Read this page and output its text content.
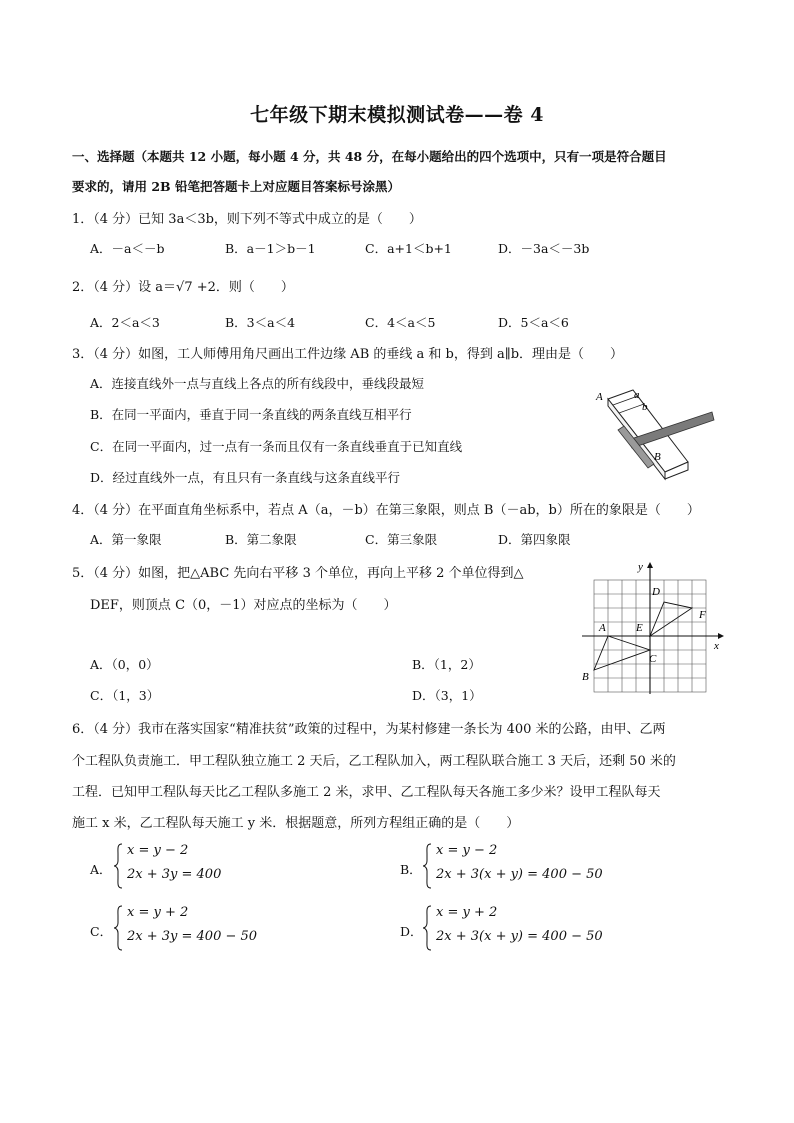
七年级下期末模拟测试卷——卷 4
一、选择题（本题共 12 小题，每小题 4 分，共 48 分，在每小题给出的四个选项中，只有一项是符合题目
要求的，请用 2B 铅笔把答题卡上对应题目答案标号涂黑）
1．（4 分）已知 3a＜3b，则下列不等式中成立的是（　　）
A．－a＜－b	B．a－1＞b－1	C．a+1＜b+1	D．－3a＜－3b
2．（4 分）设 a＝√7 +2．则（　　）
A．2＜a＜3	B．3＜a＜4	C．4＜a＜5	D．5＜a＜6
3．（4 分）如图，工人师傅用角尺画出工件边缘 AB 的垂线 a 和 b，得到 a∥b．理由是（　　）
A．连接直线外一点与直线上各点的所有线段中，垂线段最短
B．在同一平面内，垂直于同一条直线的两条直线互相平行
C．在同一平面内，过一点有一条而且仅有一条直线垂直于已知直线
D．经过直线外一点，有且只有一条直线与这条直线平行
A	a
b
B
4．（4 分）在平面直角坐标系中，若点 A（a，－b）在第三象限，则点 B（－ab，b）所在的象限是（　　）
A．第一象限	B．第二象限	C．第三象限	D．第四象限
5．（4 分）如图，把△ABC 先向右平移 3 个单位，再向上平移 2 个单位得到△
DEF，则顶点 C（0，－1）对应点的坐标为（　　）
A．（0，0）	B．（1，2）
C．（1，3）	D．（3，1）
y
x
A
B
C
D
E
F
6．（4 分）我市在落实国家“精准扶贫”政策的过程中，为某村修建一条长为 400 米的公路，由甲、乙两
个工程队负责施工．甲工程队独立施工 2 天后，乙工程队加入，两工程队联合施工 3 天后，还剩 50 米的
工程．已知甲工程队每天比乙工程队多施工 2 米，求甲、乙工程队每天各施工多少米？设甲工程队每天
施工 x 米，乙工程队每天施工 y 米．根据题意，所列方程组正确的是（　　）
A．
x = y − 2
2x + 3y = 400	B．
x = y − 2
2x + 3(x + y) = 400 − 50
C．
x = y + 2
2x + 3y = 400 − 50	D．
x = y + 2
2x + 3(x + y) = 400 − 50
